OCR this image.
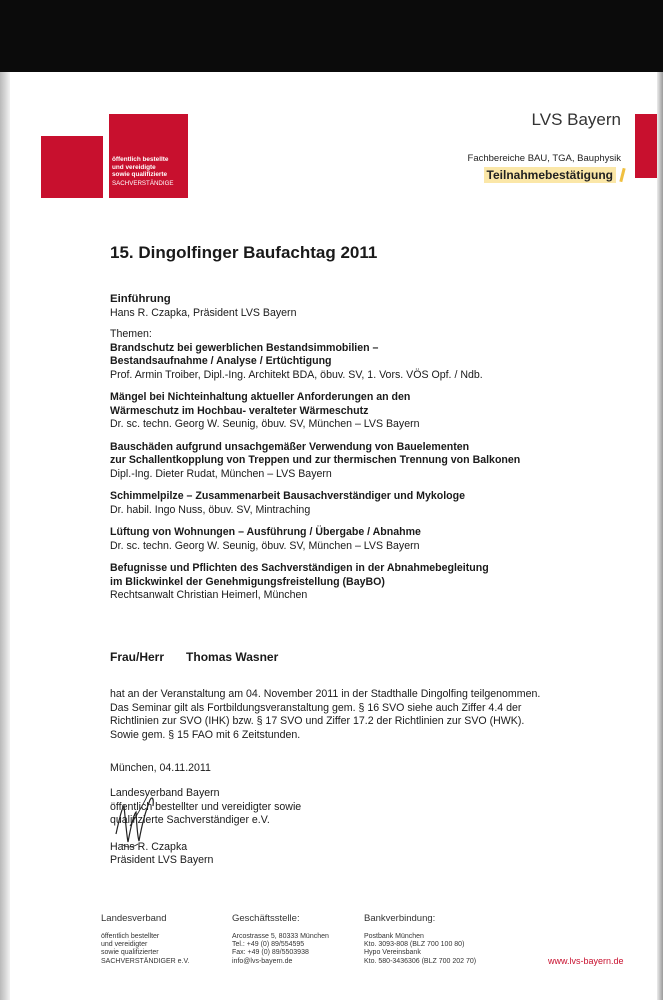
öffentlich bestellte
und vereidigte
sowie qualifizierte
SACHVERSTÄNDIGE
LVS Bayern
Fachbereiche BAU, TGA, Bauphysik
Teilnahmebestätigung
15. Dingolfinger Baufachtag 2011

Einführung

Hans R. Czapka, Präsident LVS Bayern

Themen:

Brandschutz bei gewerblichen Bestandsimmobilien –

Bestandsaufnahme / Analyse / Ertüchtigung

Prof. Armin Troiber, Dipl.-Ing. Architekt BDA, öbuv. SV, 1. Vors. VÖS Opf. / Ndb.

Mängel bei Nichteinhaltung aktueller Anforderungen an den

Wärmeschutz im Hochbau- veralteter Wärmeschutz

Dr. sc. techn. Georg W. Seunig, öbuv. SV, München – LVS Bayern

Bauschäden aufgrund unsachgemäßer Verwendung von Bauelementen

zur Schallentkopplung von Treppen und zur thermischen Trennung von Balkonen

Dipl.-Ing. Dieter Rudat, München – LVS Bayern

Schimmelpilze – Zusammenarbeit Bausachverständiger und Mykologe

Dr. habil. Ingo Nuss, öbuv. SV, Mintraching

Lüftung von Wohnungen – Ausführung / Übergabe / Abnahme

Dr. sc. techn. Georg W. Seunig, öbuv. SV, München – LVS Bayern

Befugnisse und Pflichten des Sachverständigen in der Abnahmebegleitung

im Blickwinkel der Genehmigungsfreistellung (BayBO)

Rechtsanwalt Christian Heimerl, München

Frau/Herr Thomas Wasner

hat an der Veranstaltung am 04. November 2011 in der Stadthalle Dingolfing teilgenommen.

Das Seminar gilt als Fortbildungsveranstaltung gem. § 16 SVO siehe auch Ziffer 4.4 der

Richtlinien zur SVO (IHK) bzw. § 17 SVO und Ziffer 17.2 der Richtlinien zur SVO (HWK).

Sowie gem. § 15 FAO mit 6 Zeitstunden.

München, 04.11.2011

Landesverband Bayern

öffentlich bestellter und vereidigter sowie

qualifizierte Sachverständiger e.V.

Hans R. Czapka

Präsident LVS Bayern

Landesverband
öffentlich bestellter
und vereidigter
sowie qualifizierter
SACHVERSTÄNDIGER e.V.
Geschäftsstelle:
Arcostrasse 5, 80333 München
Tel.: +49 (0) 89/554595
Fax: +49 (0) 89/5503938
info@lvs-bayern.de
Bankverbindung:
Postbank München
Kto. 3093-808 (BLZ 700 100 80)
Hypo Vereinsbank
Kto. 580-3436306 (BLZ 700 202 70)	www.lvs-bayern.de
